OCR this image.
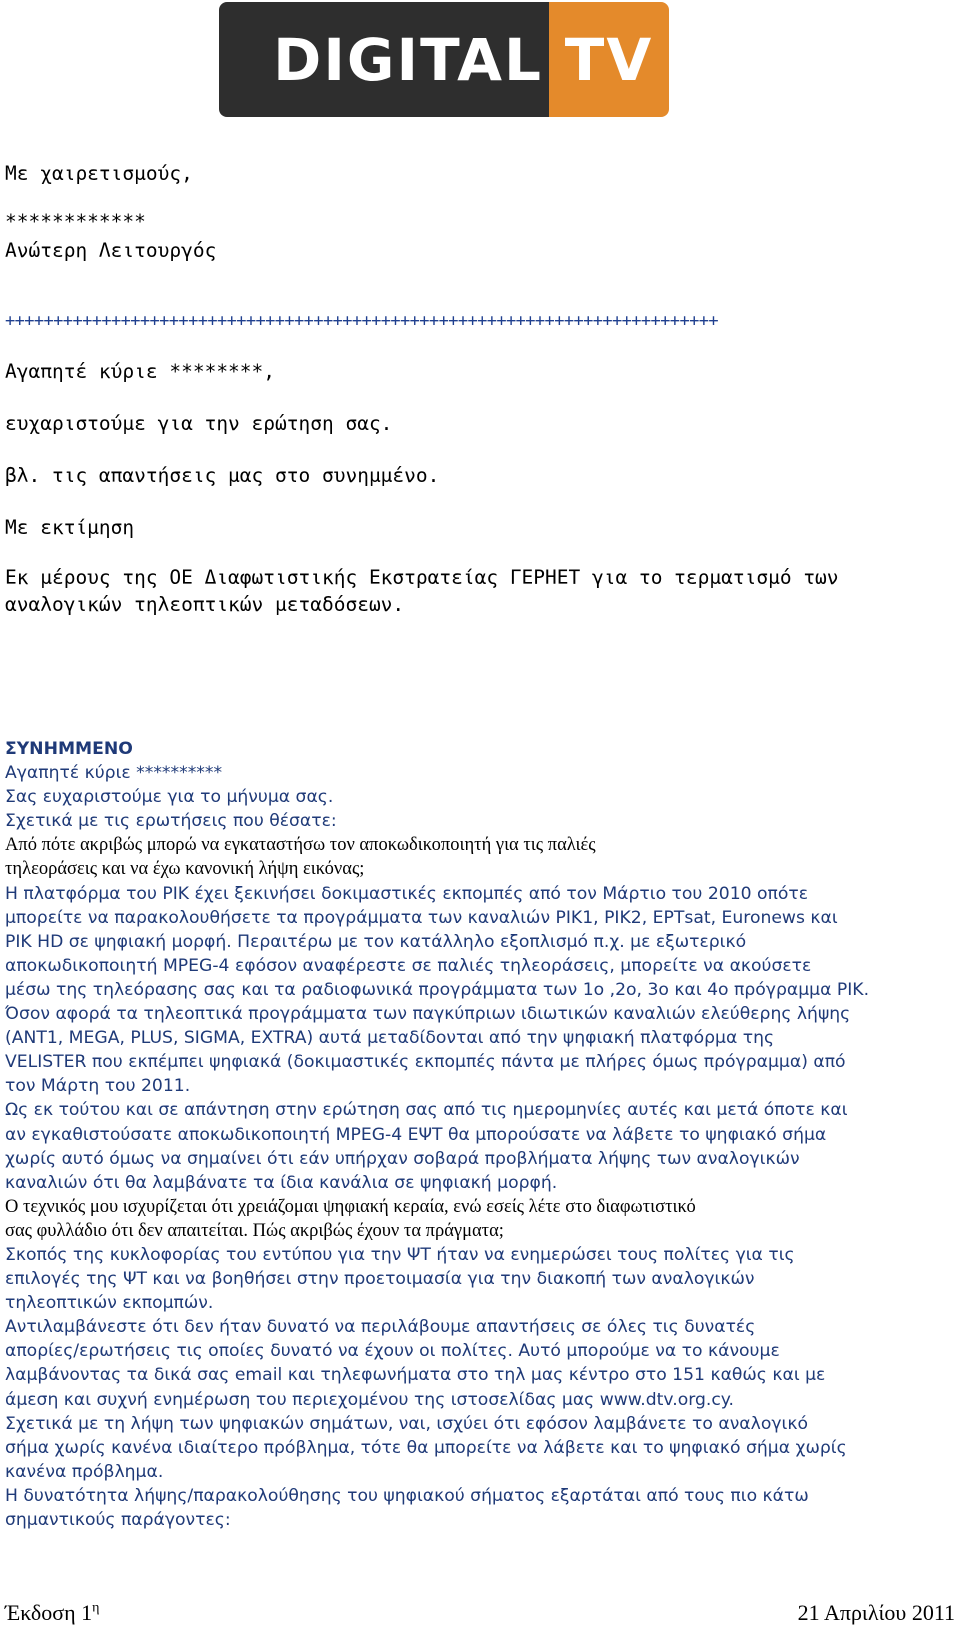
DIGITAL TV
Με χαιρετισμούς,
************
Ανώτερη Λειτουργός
++++++++++++++++++++++++++++++++++++++++++++++++++++++++++++++++++++++++++
Αγαπητέ κύριε ********,
ευχαριστούμε για την ερώτηση σας.
βλ. τις απαντήσεις μας στο συνημμένο.
Με εκτίμηση
Εκ μέρους της ΟΕ Διαφωτιστικής Εκστρατείας ΓΕΡΗΕΤ για το τερματισμό των
αναλογικών τηλεοπτικών μεταδόσεων.
ΣΥΝΗΜΜΕΝΟ
Αγαπητέ κύριε **********
Σας ευχαριστούμε για το μήνυμα σας.
Σχετικά με τις ερωτήσεις που θέσατε:
Από πότε ακριβώς μπορώ να εγκαταστήσω τον αποκωδικοποιητή για τις παλιές
τηλεοράσεις και να έχω κανονική λήψη εικόνας;
Η πλατφόρμα του ΡΙΚ έχει ξεκινήσει δοκιμαστικές εκπομπές από τον Μάρτιο του 2010 οπότε
μπορείτε να παρακολουθήσετε τα προγράμματα των καναλιών ΡΙΚ1, ΡΙΚ2, ΕΡΤsat, Euronews και
ΡΙΚ HD σε ψηφιακή μορφή. Περαιτέρω με τον κατάλληλο εξοπλισμό π.χ. με εξωτερικό
αποκωδικοποιητή MPEG-4 εφόσον αναφέρεστε σε παλιές τηλεοράσεις, μπορείτε να ακούσετε
μέσω της τηλεόρασης σας και τα ραδιοφωνικά προγράμματα των 1ο ,2ο, 3ο και 4ο πρόγραμμα ΡΙΚ.
Όσον αφορά τα τηλεοπτικά προγράμματα των παγκύπριων ιδιωτικών καναλιών ελεύθερης λήψης
(ΑΝΤ1, MEGA, PLUS, SIGMA, EXTRA) αυτά μεταδίδονται από την ψηφιακή πλατφόρμα της
VELISTER που εκπέμπει ψηφιακά (δοκιμαστικές εκπομπές πάντα με πλήρες όμως πρόγραμμα) από
τον Μάρτη του 2011.
Ως εκ τούτου και σε απάντηση στην ερώτηση σας από τις ημερομηνίες αυτές και μετά όποτε και
αν εγκαθιστούσατε αποκωδικοποιητή MPEG-4 ΕΨΤ θα μπορούσατε να λάβετε το ψηφιακό σήμα
χωρίς αυτό όμως να σημαίνει ότι εάν υπήρχαν σοβαρά προβλήματα λήψης των αναλογικών
καναλιών ότι θα λαμβάνατε τα ίδια κανάλια σε ψηφιακή μορφή.
Ο τεχνικός μου ισχυρίζεται ότι χρειάζομαι ψηφιακή κεραία, ενώ εσείς λέτε στο διαφωτιστικό
σας φυλλάδιο ότι δεν απαιτείται. Πώς ακριβώς έχουν τα πράγματα;
Σκοπός της κυκλοφορίας του εντύπου για την ΨΤ ήταν να ενημερώσει τους πολίτες για τις
επιλογές της ΨΤ και να βοηθήσει στην προετοιμασία για την διακοπή των αναλογικών
τηλεοπτικών εκπομπών.
Αντιλαμβάνεστε ότι δεν ήταν δυνατό να περιλάβουμε απαντήσεις σε όλες τις δυνατές
απορίες/ερωτήσεις τις οποίες δυνατό να έχουν οι πολίτες. Αυτό μπορούμε να το κάνουμε
λαμβάνοντας τα δικά σας email και τηλεφωνήματα στο τηλ μας κέντρο στο 151 καθώς και με
άμεση και συχνή ενημέρωση του περιεχομένου της ιστοσελίδας μας www.dtv.org.cy.
Σχετικά με τη λήψη των ψηφιακών σημάτων, ναι, ισχύει ότι εφόσον λαμβάνετε το αναλογικό
σήμα χωρίς κανένα ιδιαίτερο πρόβλημα, τότε θα μπορείτε να λάβετε και το ψηφιακό σήμα χωρίς
κανένα πρόβλημα.
Η δυνατότητα λήψης/παρακολούθησης του ψηφιακού σήματος εξαρτάται από τους πιο κάτω
σημαντικούς παράγοντες:
Έκδοση $1^\eta$	21 Απριλίου 2011
